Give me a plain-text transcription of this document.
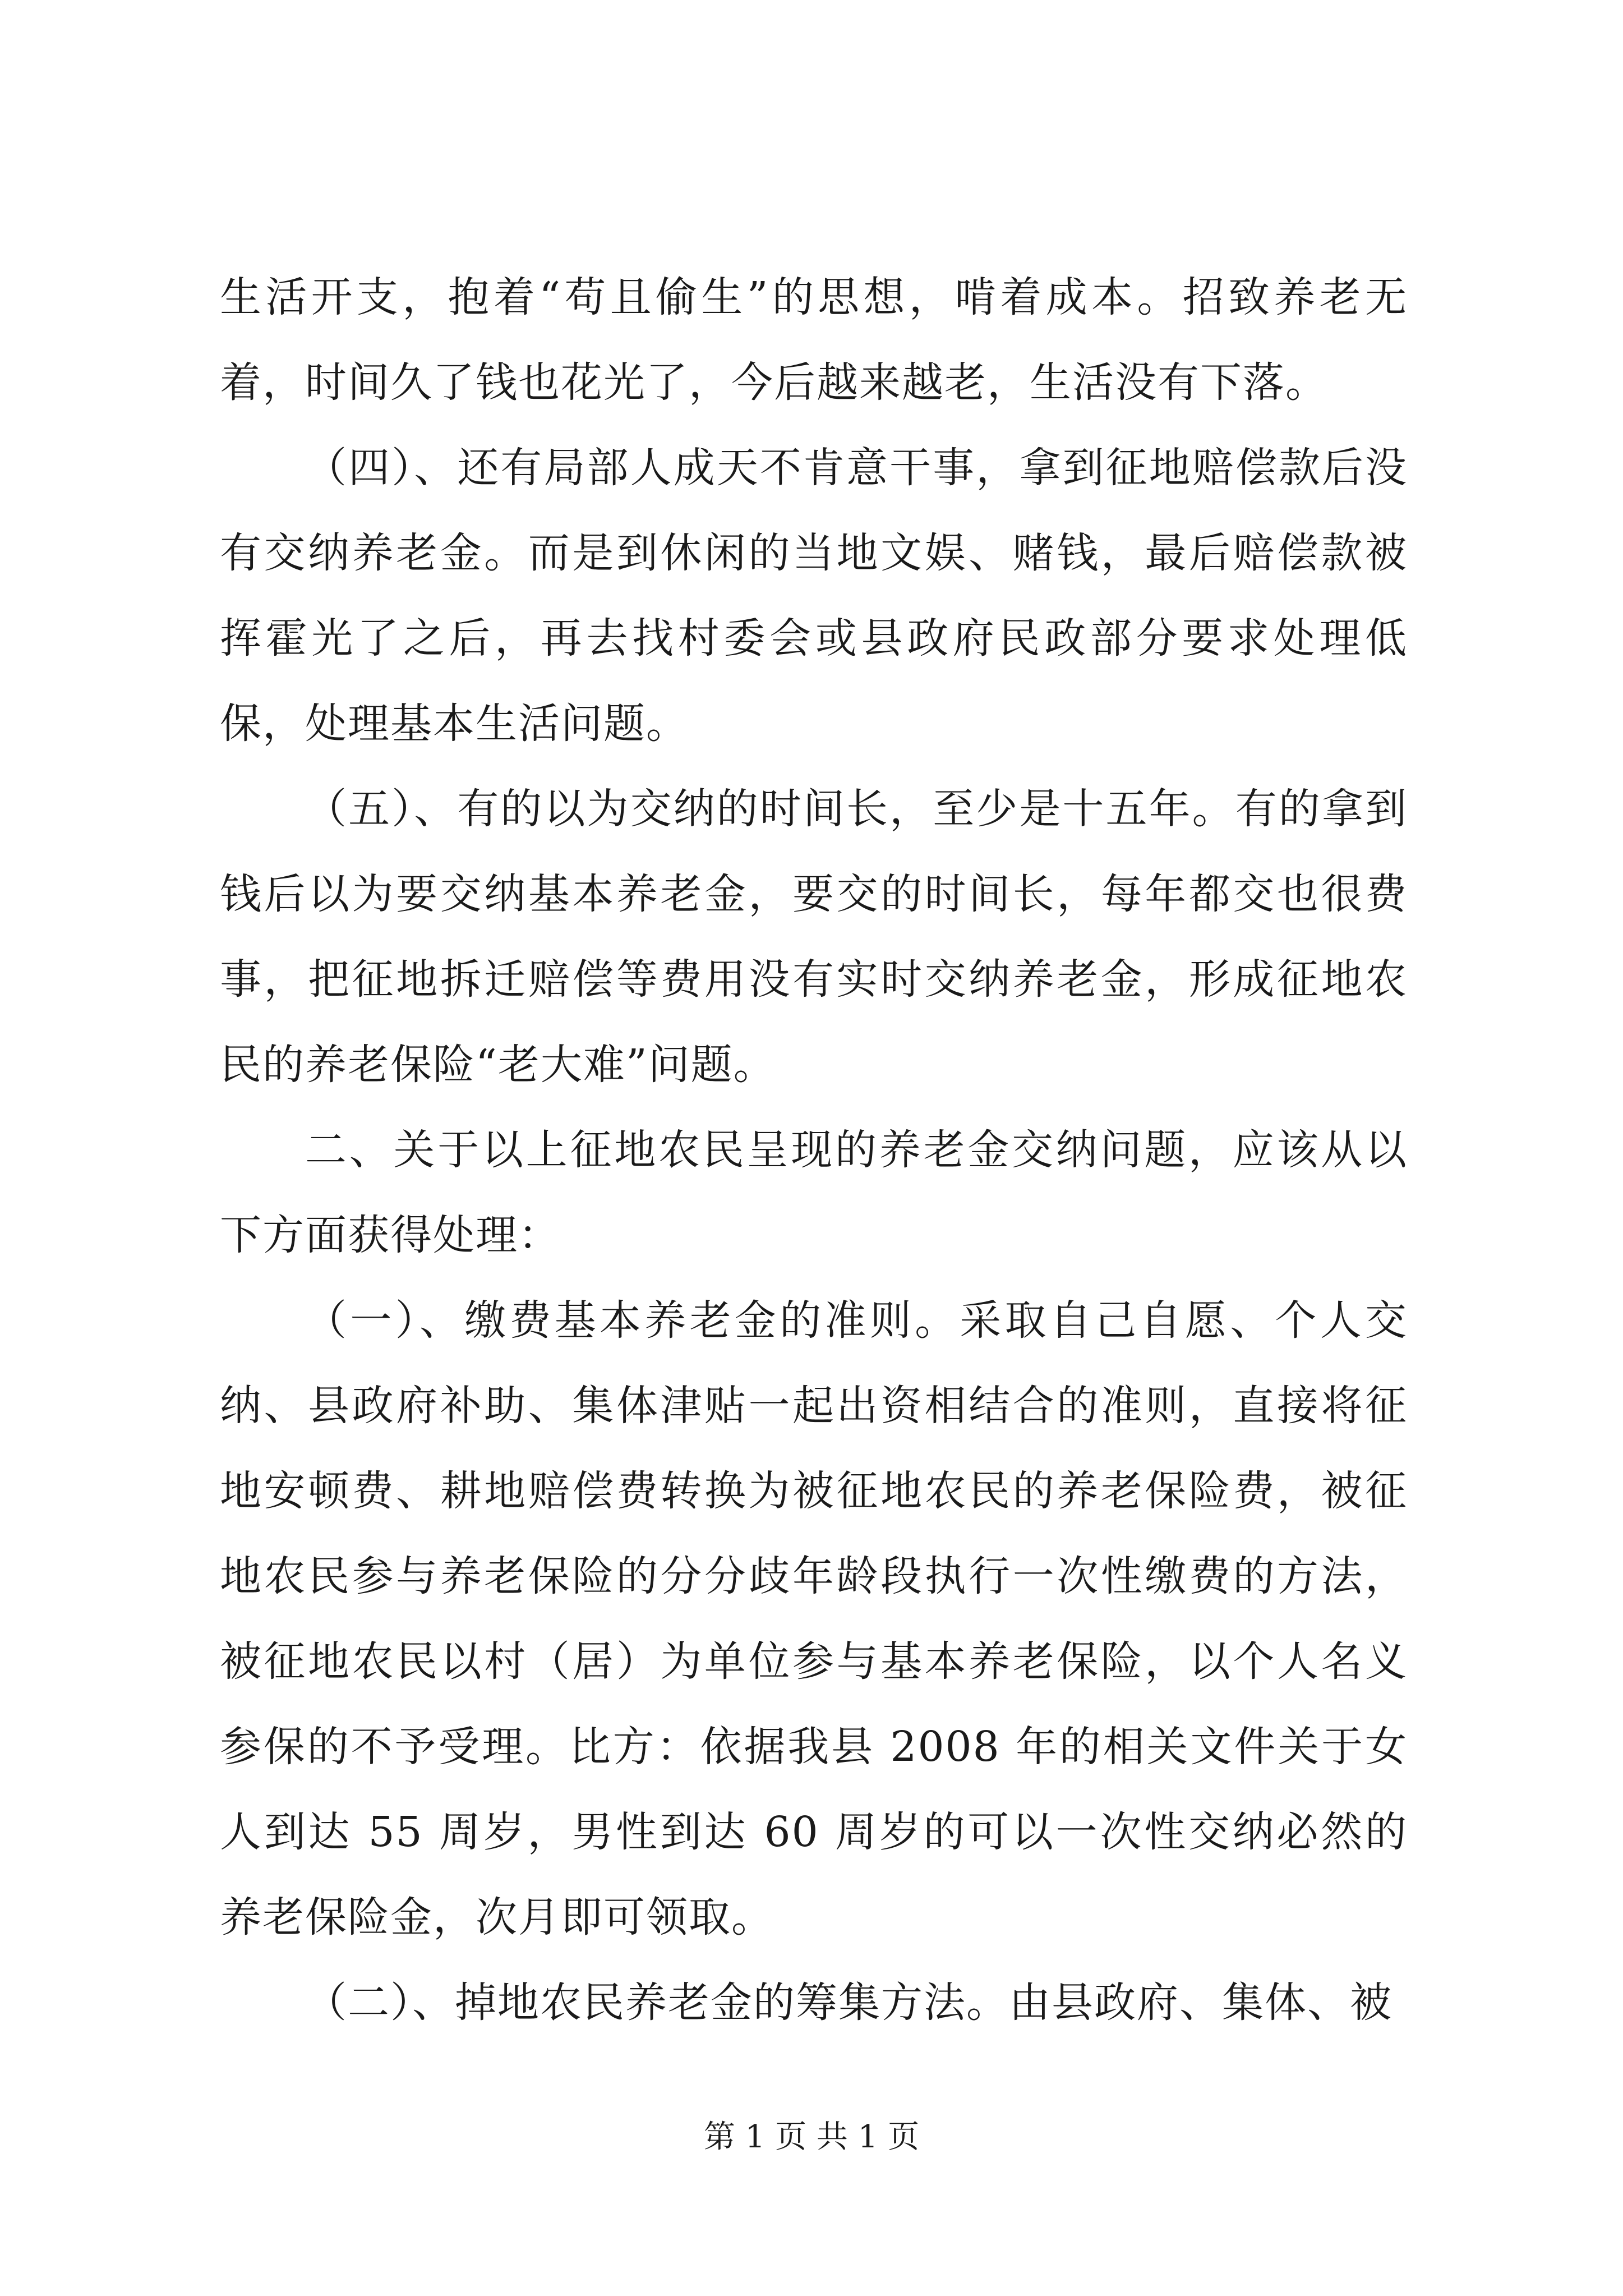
生活开支，抱着“苟且偷生”的思想，啃着成本。招致养老无着，时间久了钱也花光了，今后越来越老，生活没有下落。

（四）、还有局部人成天不肯意干事，拿到征地赔偿款后没有交纳养老金。而是到休闲的当地文娱、赌钱，最后赔偿款被挥霍光了之后，再去找村委会或县政府民政部分要求处理低保，处理基本生活问题。

（五）、有的以为交纳的时间长，至少是十五年。有的拿到钱后以为要交纳基本养老金，要交的时间长，每年都交也很费事，把征地拆迁赔偿等费用没有实时交纳养老金，形成征地农民的养老保险“老大难”问题。

二、关于以上征地农民呈现的养老金交纳问题，应该从以下方面获得处理：

（一）、缴费基本养老金的准则。采取自己自愿、个人交纳、县政府补助、集体津贴一起出资相结合的准则，直接将征地安顿费、耕地赔偿费转换为被征地农民的养老保险费，被征地农民参与养老保险的分分歧年龄段执行一次性缴费的方法，被征地农民以村（居）为单位参与基本养老保险，以个人名义参保的不予受理。比方：依据我县 2008 年的相关文件关于女人到达 55 周岁，男性到达 60 周岁的可以一次性交纳必然的养老保险金，次月即可领取。

（二）、掉地农民养老金的筹集方法。由县政府、集体、被

第 1 页 共 1 页
